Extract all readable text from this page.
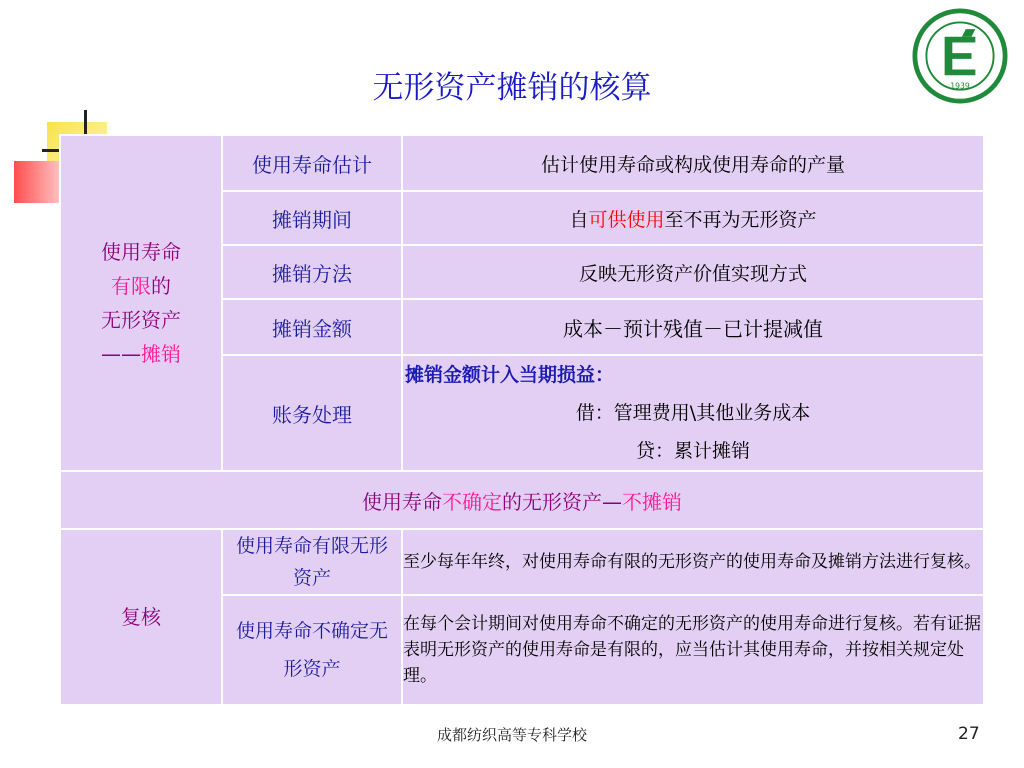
1939
无形资产摊销的核算
使用寿命
有限的
无形资产
——摊销	使用寿命估计	估计使用寿命或构成使用寿命的产量
	摊销期间	自可供使用至不再为无形资产
	摊销方法	反映无形资产价值实现方式
	摊销金额	成本－预计残值－已计提减值
	账务处理	摊销金额计入当期损益：
借：管理费用\其他业务成本
贷：累计摊销

使用寿命不确定的无形资产—不摊销		
复核	使用寿命有限无形资产	至少每年年终，对使用寿命有限的无形资产的使用寿命及摊销方法进行复核。
	使用寿命不确定无形资产	在每个会计期间对使用寿命不确定的无形资产的使用寿命进行复核。若有证据表明无形资产的使用寿命是有限的，应当估计其使用寿命，并按相关规定处理。
成都纺织高等专科学校	27
